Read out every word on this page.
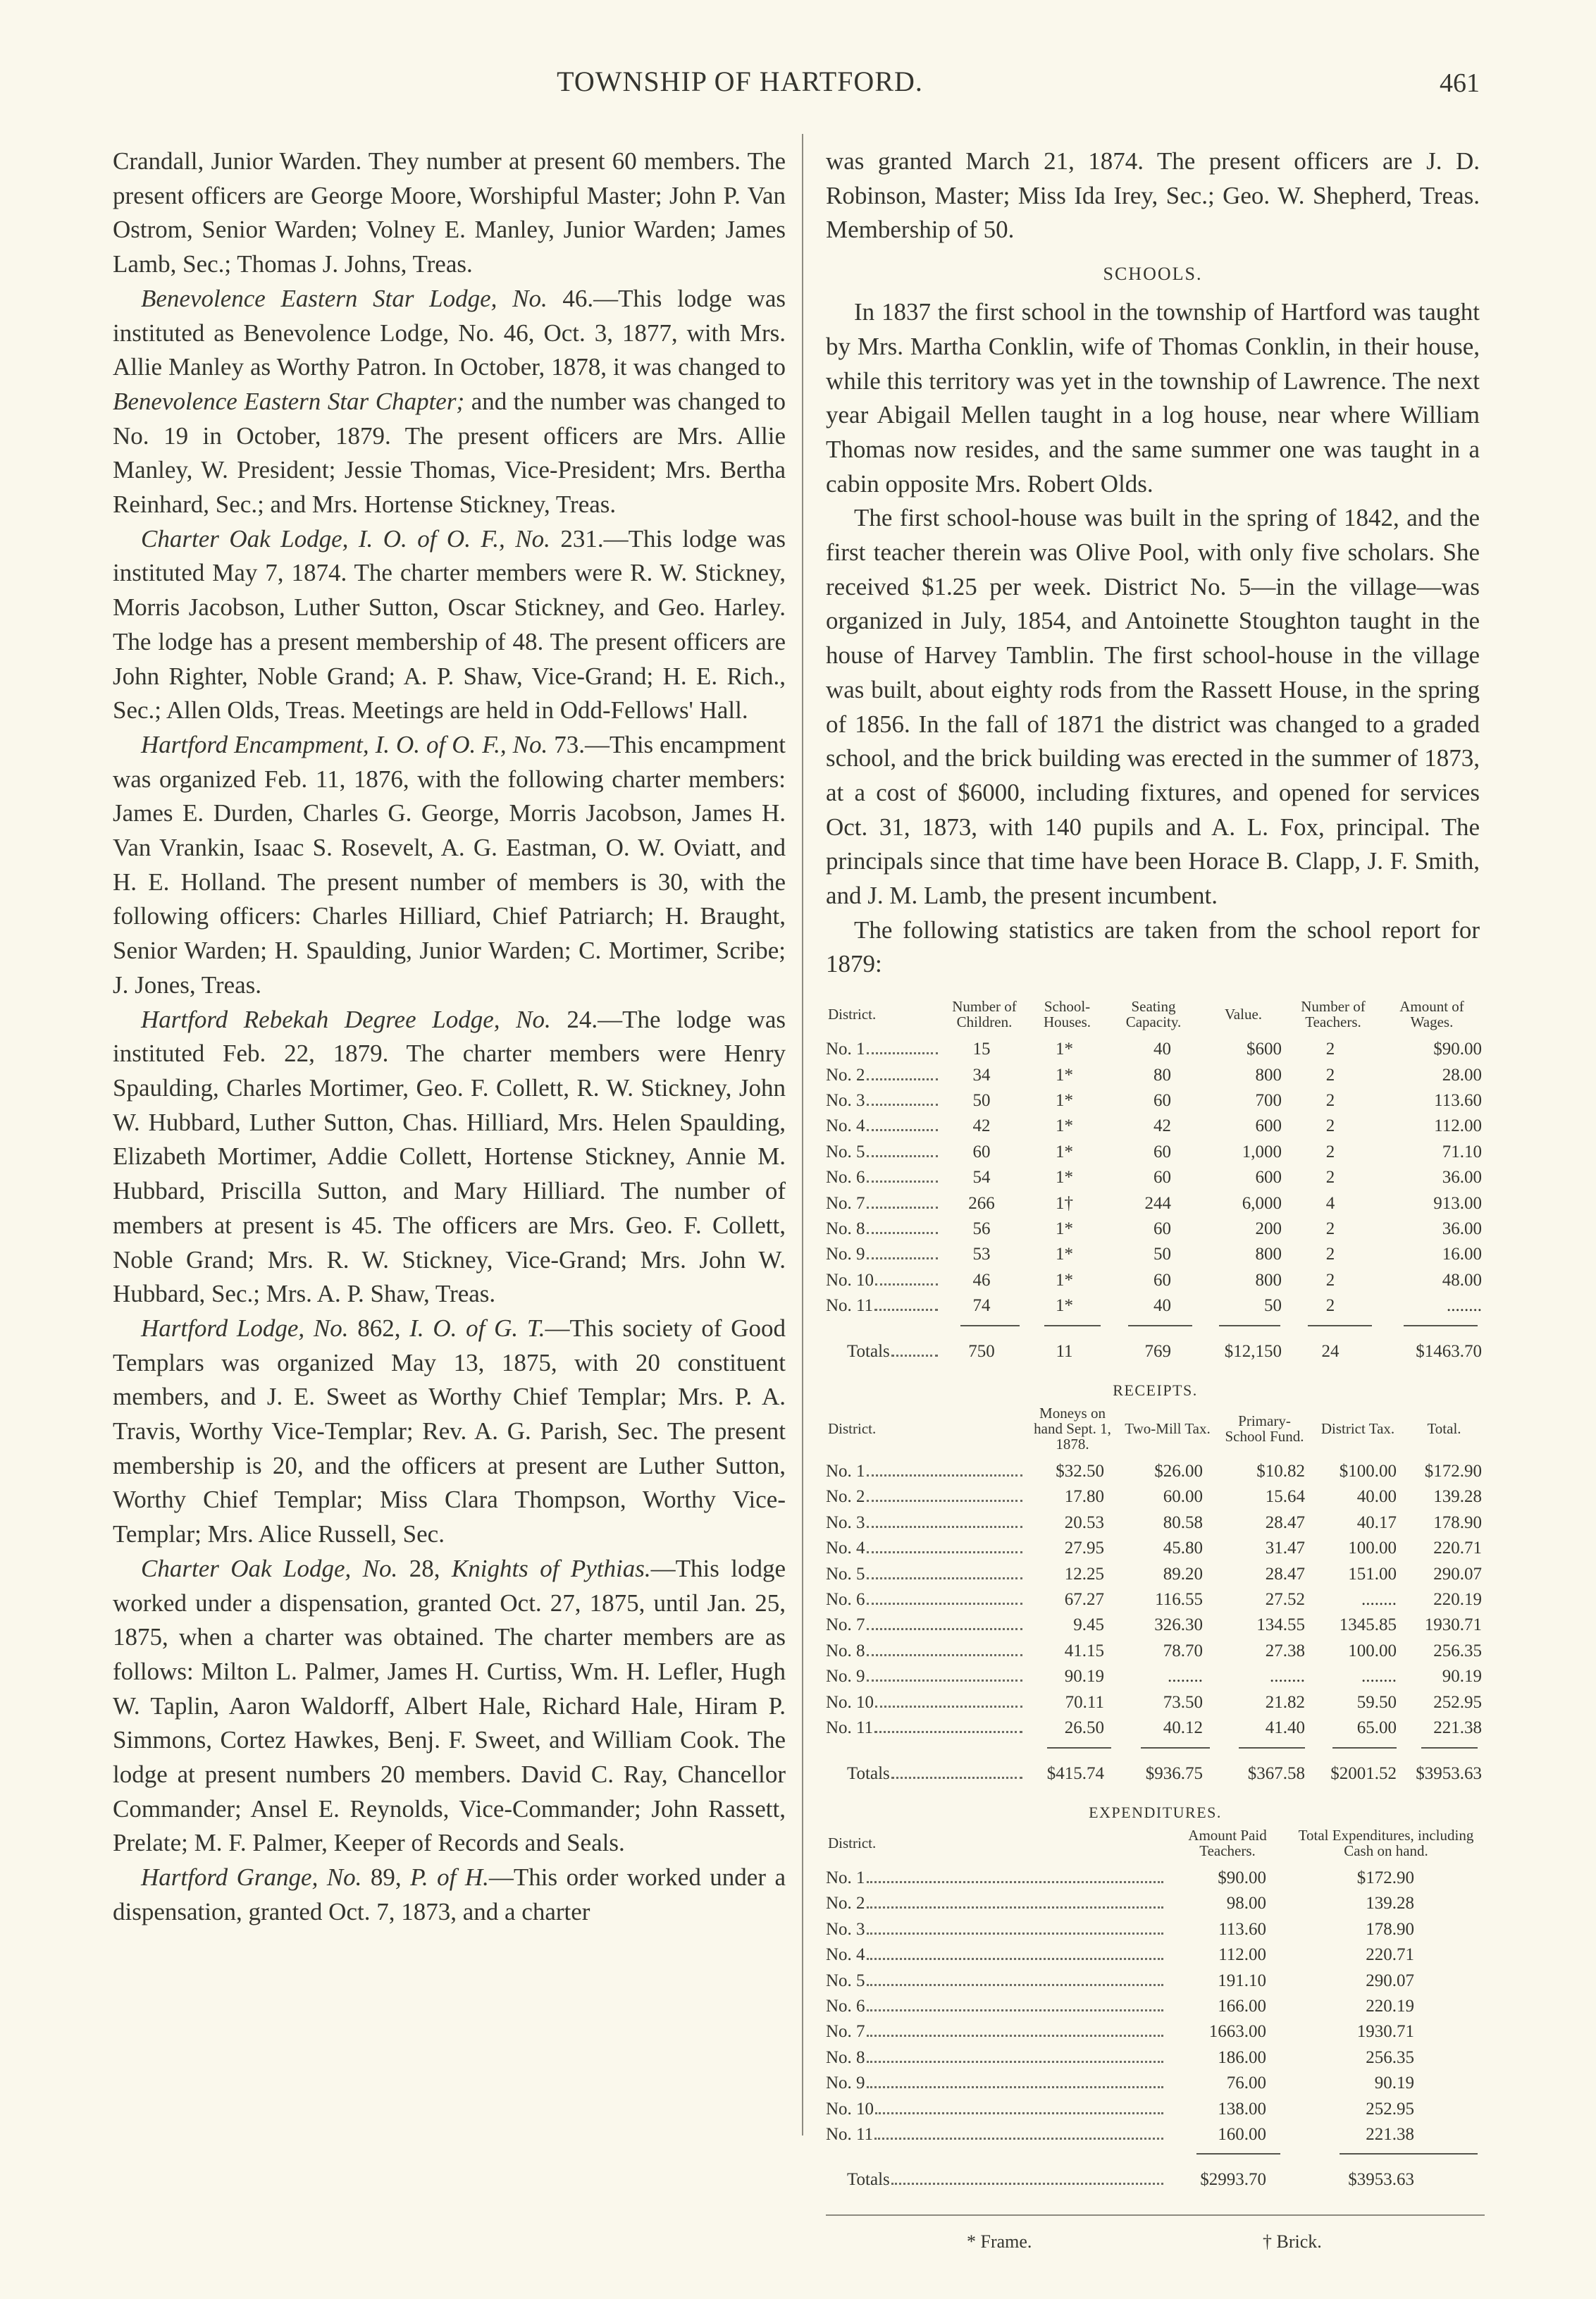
TOWNSHIP OF HARTFORD.	461

Crandall, Junior Warden. They number at present 60 members. The present officers are George Moore, Worshipful Master; John P. Van Ostrom, Senior Warden; Volney E. Manley, Junior Warden; James Lamb, Sec.; Thomas J. Johns, Treas.

Benevolence Eastern Star Lodge, No. 46.—This lodge was instituted as Benevolence Lodge, No. 46, Oct. 3, 1877, with Mrs. Allie Manley as Worthy Patron. In October, 1878, it was changed to Benevolence Eastern Star Chapter; and the number was changed to No. 19 in October, 1879. The present officers are Mrs. Allie Manley, W. President; Jessie Thomas, Vice-President; Mrs. Bertha Reinhard, Sec.; and Mrs. Hortense Stickney, Treas.

Charter Oak Lodge, I. O. of O. F., No. 231.—This lodge was instituted May 7, 1874. The charter members were R. W. Stickney, Morris Jacobson, Luther Sutton, Oscar Stickney, and Geo. Harley. The lodge has a present membership of 48. The present officers are John Righter, Noble Grand; A. P. Shaw, Vice-Grand; H. E. Rich., Sec.; Allen Olds, Treas. Meetings are held in Odd-Fellows' Hall.

Hartford Encampment, I. O. of O. F., No. 73.—This encampment was organized Feb. 11, 1876, with the following charter members: James E. Durden, Charles G. George, Morris Jacobson, James H. Van Vrankin, Isaac S. Rosevelt, A. G. Eastman, O. W. Oviatt, and H. E. Holland. The present number of members is 30, with the following officers: Charles Hilliard, Chief Patriarch; H. Braught, Senior Warden; H. Spaulding, Junior Warden; C. Mortimer, Scribe; J. Jones, Treas.

Hartford Rebekah Degree Lodge, No. 24.—The lodge was instituted Feb. 22, 1879. The charter members were Henry Spaulding, Charles Mortimer, Geo. F. Collett, R. W. Stickney, John W. Hubbard, Luther Sutton, Chas. Hilliard, Mrs. Helen Spaulding, Elizabeth Mortimer, Addie Collett, Hortense Stickney, Annie M. Hubbard, Priscilla Sutton, and Mary Hilliard. The number of members at present is 45. The officers are Mrs. Geo. F. Collett, Noble Grand; Mrs. R. W. Stickney, Vice-Grand; Mrs. John W. Hubbard, Sec.; Mrs. A. P. Shaw, Treas.

Hartford Lodge, No. 862, I. O. of G. T.—This society of Good Templars was organized May 13, 1875, with 20 constituent members, and J. E. Sweet as Worthy Chief Templar; Mrs. P. A. Travis, Worthy Vice-Templar; Rev. A. G. Parish, Sec. The present membership is 20, and the officers at present are Luther Sutton, Worthy Chief Templar; Miss Clara Thompson, Worthy Vice-Templar; Mrs. Alice Russell, Sec.

Charter Oak Lodge, No. 28, Knights of Pythias.—This lodge worked under a dispensation, granted Oct. 27, 1875, until Jan. 25, 1875, when a charter was obtained. The charter members are as follows: Milton L. Palmer, James H. Curtiss, Wm. H. Lefler, Hugh W. Taplin, Aaron Waldorff, Albert Hale, Richard Hale, Hiram P. Simmons, Cortez Hawkes, Benj. F. Sweet, and William Cook. The lodge at present numbers 20 members. David C. Ray, Chancellor Commander; Ansel E. Reynolds, Vice-Commander; John Rassett, Prelate; M. F. Palmer, Keeper of Records and Seals.

Hartford Grange, No. 89, P. of H.—This order worked under a dispensation, granted Oct. 7, 1873, and a charter

was granted March 21, 1874. The present officers are J. D. Robinson, Master; Miss Ida Irey, Sec.; Geo. W. Shepherd, Treas. Membership of 50.

SCHOOLS.

In 1837 the first school in the township of Hartford was taught by Mrs. Martha Conklin, wife of Thomas Conklin, in their house, while this territory was yet in the township of Lawrence. The next year Abigail Mellen taught in a log house, near where William Thomas now resides, and the same summer one was taught in a cabin opposite Mrs. Robert Olds.

The first school-house was built in the spring of 1842, and the first teacher therein was Olive Pool, with only five scholars. She received $1.25 per week. District No. 5—in the village—was organized in July, 1854, and Antoinette Stoughton taught in the house of Harvey Tamblin. The first school-house in the village was built, about eighty rods from the Rassett House, in the spring of 1856. In the fall of 1871 the district was changed to a graded school, and the brick building was erected in the summer of 1873, at a cost of $6000, including fixtures, and opened for services Oct. 31, 1873, with 140 pupils and A. L. Fox, principal. The principals since that time have been Horace B. Clapp, J. F. Smith, and J. M. Lamb, the present incumbent.

The following statistics are taken from the school report for 1879:

District.	Number of Children.	School-Houses.	Seating Capacity.	Value.	Number of Teachers.	Amount of Wages.

No. 1	15	1*	40	$600	2	$90.00

No. 2	34	1*	80	800	2	28.00

No. 3	50	1*	60	700	2	113.60

No. 4	42	1*	42	600	2	112.00

No. 5	60	1*	60	1,000	2	71.10

No. 6	54	1*	60	600	2	36.00

No. 7	266	1†	244	6,000	4	913.00

No. 8	56	1*	60	200	2	36.00

No. 9	53	1*	50	800	2	16.00

No. 10	46	1*	60	800	2	48.00

No. 11	74	1*	40	50	2	........

Totals	750	11	769	$12,150	24	$1463.70
RECEIPTS.
District.	Moneys on hand Sept. 1, 1878.	Two-Mill Tax.	Primary-School Fund.	District Tax.	Total.

No. 1	$32.50	$26.00	$10.82	$100.00	$172.90

No. 2	17.80	60.00	15.64	40.00	139.28

No. 3	20.53	80.58	28.47	40.17	178.90

No. 4	27.95	45.80	31.47	100.00	220.71

No. 5	12.25	89.20	28.47	151.00	290.07

No. 6	67.27	116.55	27.52	........	220.19

No. 7	9.45	326.30	134.55	1345.85	1930.71

No. 8	41.15	78.70	27.38	100.00	256.35

No. 9	90.19	........	........	........	90.19

No. 10	70.11	73.50	21.82	59.50	252.95

No. 11	26.50	40.12	41.40	65.00	221.38

Totals	$415.74	$936.75	$367.58	$2001.52	$3953.63
EXPENDITURES.
District.	Amount Paid Teachers.	Total Expenditures, including Cash on hand.

No. 1	$90.00	$172.90

No. 2	98.00	139.28

No. 3	113.60	178.90

No. 4	112.00	220.71

No. 5	191.10	290.07

No. 6	166.00	220.19

No. 7	1663.00	1930.71

No. 8	186.00	256.35

No. 9	76.00	90.19

No. 10	138.00	252.95

No. 11	160.00	221.38

Totals	$2993.70	$3953.63
* Frame.	† Brick.
